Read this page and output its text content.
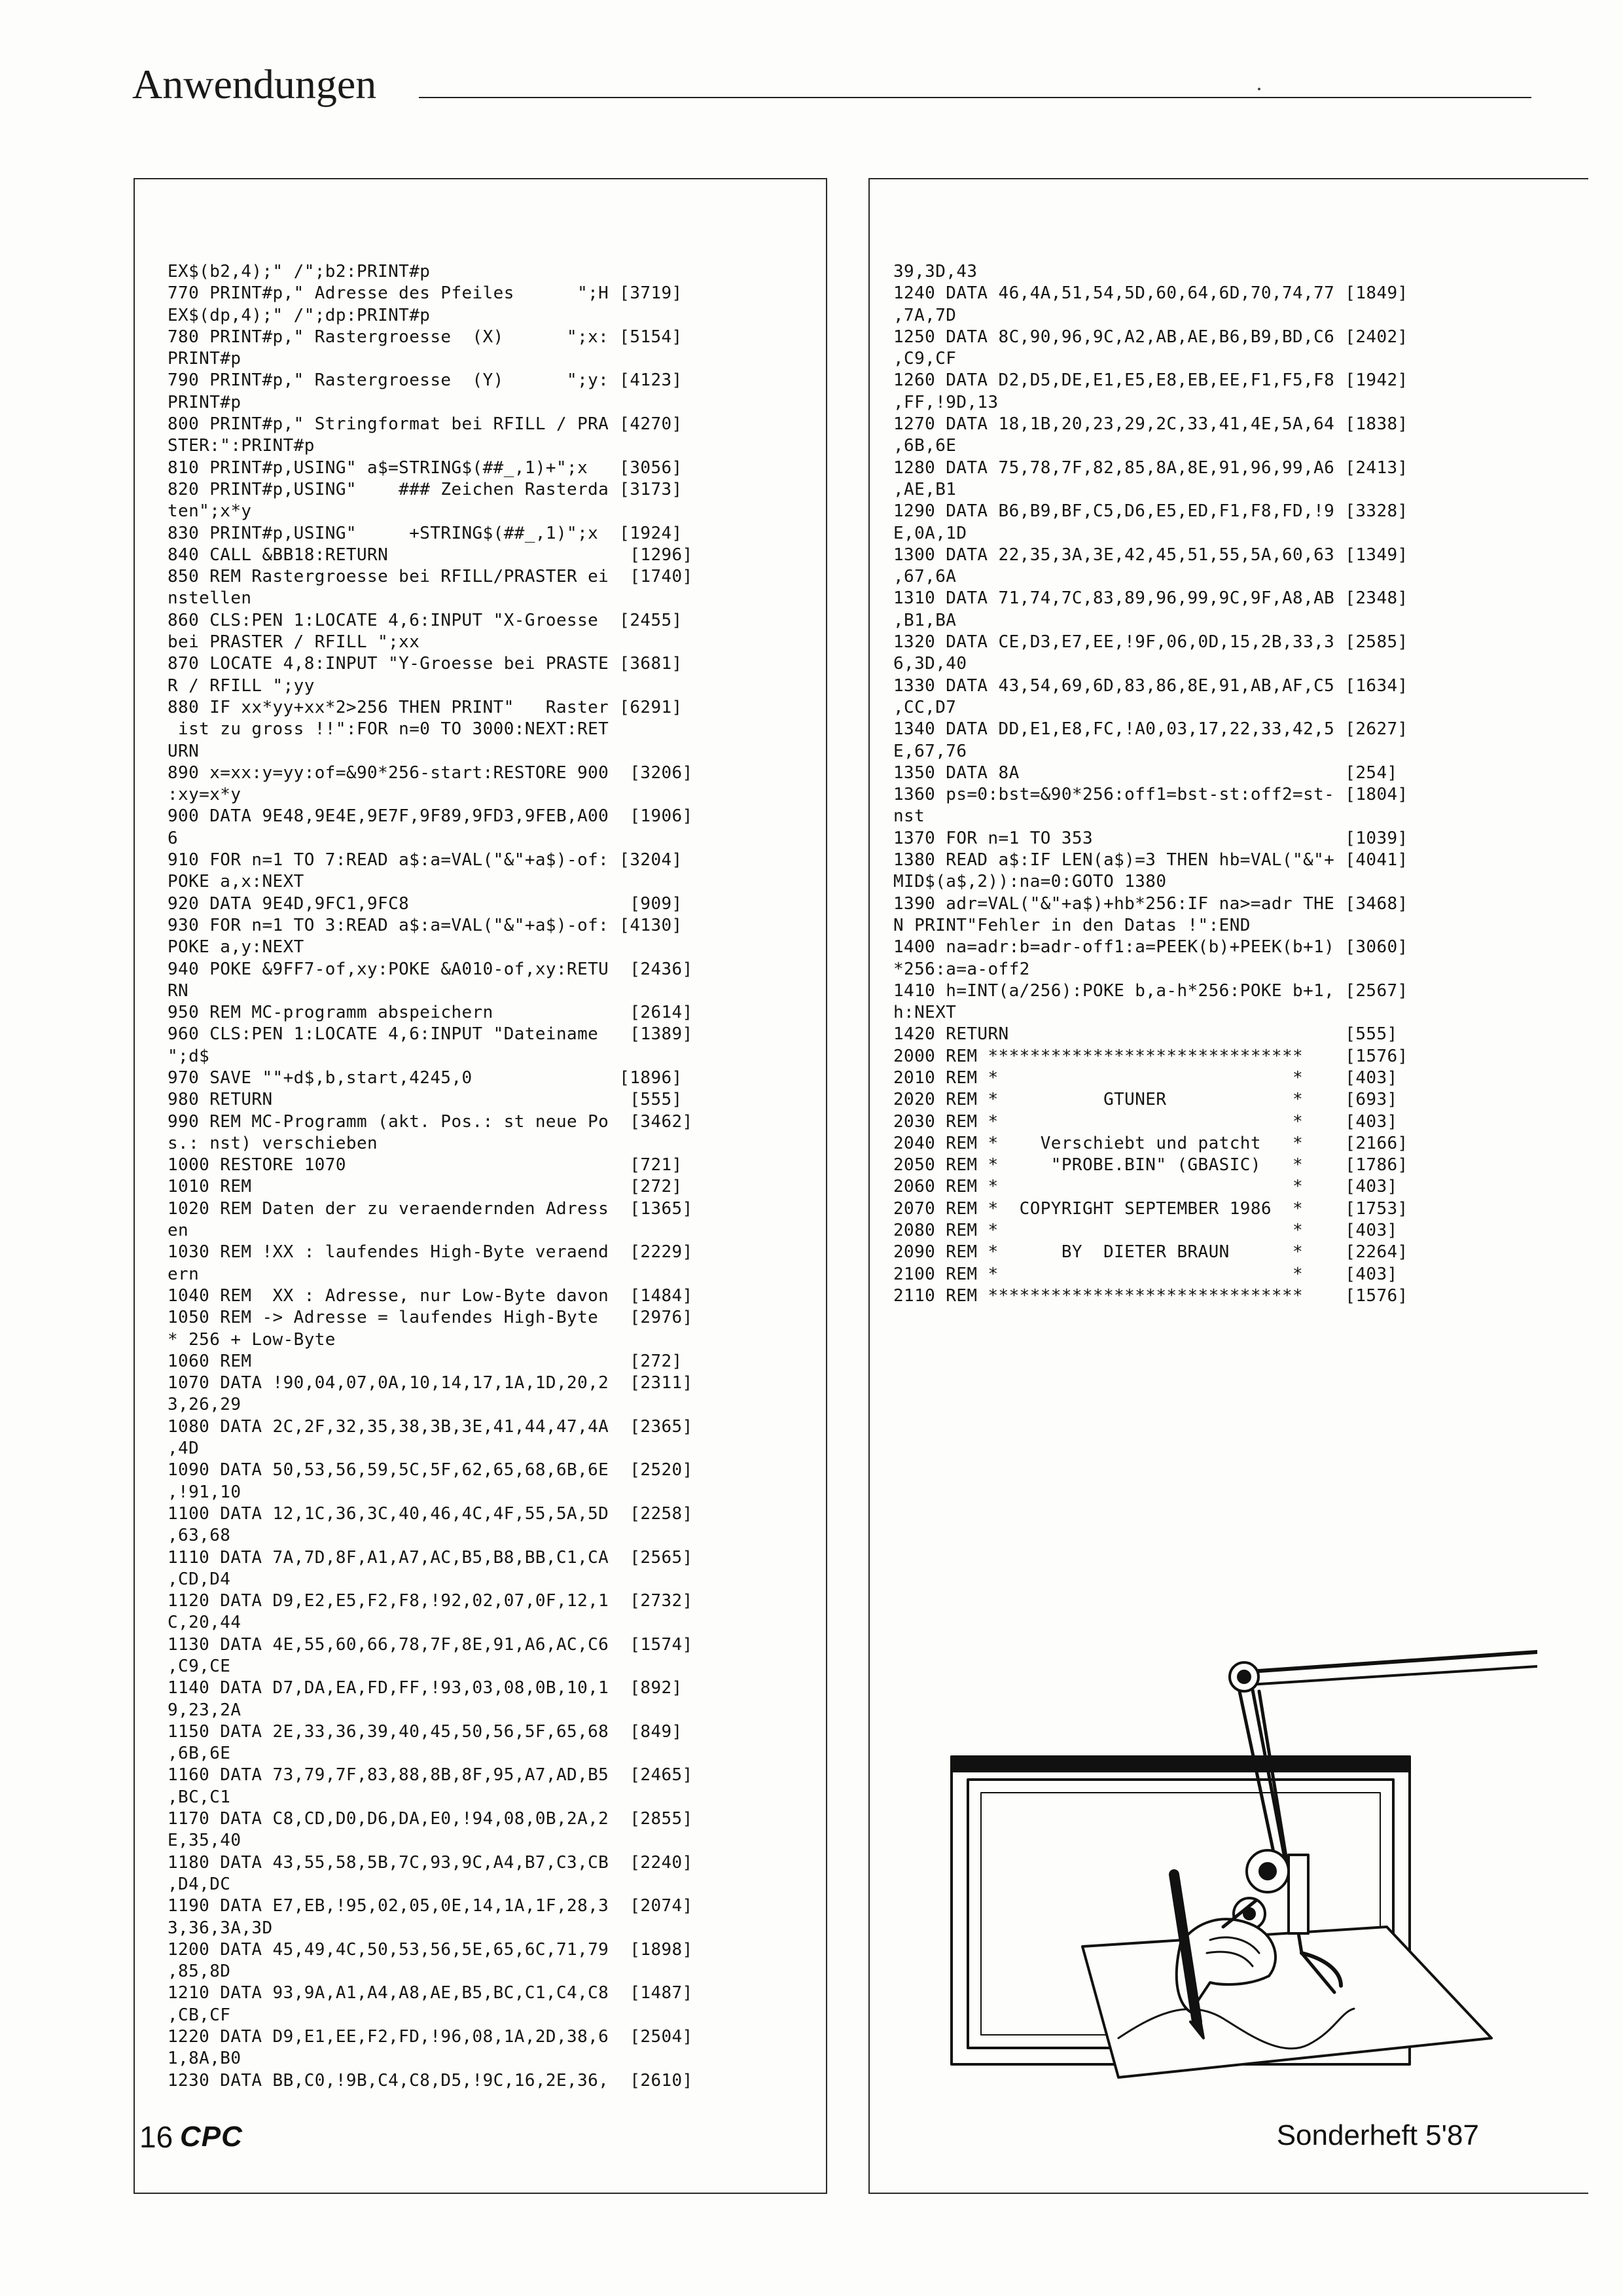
Anwendungen
EX$(b2,4);" /";b2:PRINT#p
770 PRINT#p," Adresse des Pfeiles      ";H [3719]
EX$(dp,4);" /";dp:PRINT#p
780 PRINT#p," Rastergroesse  (X)      ";x: [5154]
PRINT#p
790 PRINT#p," Rastergroesse  (Y)      ";y: [4123]
PRINT#p
800 PRINT#p," Stringformat bei RFILL / PRA [4270]
STER:":PRINT#p
810 PRINT#p,USING" a$=STRING$(##_,1)+";x   [3056]
820 PRINT#p,USING"    ### Zeichen Rasterda [3173]
ten";x*y
830 PRINT#p,USING"     +STRING$(##_,1)";x  [1924]
840 CALL &BB18:RETURN                       [1296]
850 REM Rastergroesse bei RFILL/PRASTER ei  [1740]
nstellen
860 CLS:PEN 1:LOCATE 4,6:INPUT "X-Groesse  [2455]
bei PRASTER / RFILL ";xx
870 LOCATE 4,8:INPUT "Y-Groesse bei PRASTE [3681]
R / RFILL ";yy
880 IF xx*yy+xx*2>256 THEN PRINT"   Raster [6291]
ist zu gross !!":FOR n=0 TO 3000:NEXT:RET
URN
890 x=xx:y=yy:of=&90*256-start:RESTORE 900  [3206]
:xy=x*y
900 DATA 9E48,9E4E,9E7F,9F89,9FD3,9FEB,A00  [1906]
6
910 FOR n=1 TO 7:READ a$:a=VAL("&"+a$)-of: [3204]
POKE a,x:NEXT
920 DATA 9E4D,9FC1,9FC8                     [909]
930 FOR n=1 TO 3:READ a$:a=VAL("&"+a$)-of: [4130]
POKE a,y:NEXT
940 POKE &9FF7-of,xy:POKE &A010-of,xy:RETU  [2436]
RN
950 REM MC-programm abspeichern             [2614]
960 CLS:PEN 1:LOCATE 4,6:INPUT "Dateiname   [1389]
";d$
970 SAVE ""+d$,b,start,4245,0              [1896]
980 RETURN                                  [555]
990 REM MC-Programm (akt. Pos.: st neue Po  [3462]
s.: nst) verschieben
1000 RESTORE 1070                           [721]
1010 REM                                    [272]
1020 REM Daten der zu veraendernden Adress  [1365]
en
1030 REM !XX : laufendes High-Byte veraend  [2229]
ern
1040 REM  XX : Adresse, nur Low-Byte davon  [1484]
1050 REM -> Adresse = laufendes High-Byte   [2976]
* 256 + Low-Byte
1060 REM                                    [272]
1070 DATA !90,04,07,0A,10,14,17,1A,1D,20,2  [2311]
3,26,29
1080 DATA 2C,2F,32,35,38,3B,3E,41,44,47,4A  [2365]
,4D
1090 DATA 50,53,56,59,5C,5F,62,65,68,6B,6E  [2520]
,!91,10
1100 DATA 12,1C,36,3C,40,46,4C,4F,55,5A,5D  [2258]
,63,68
1110 DATA 7A,7D,8F,A1,A7,AC,B5,B8,BB,C1,CA  [2565]
,CD,D4
1120 DATA D9,E2,E5,F2,F8,!92,02,07,0F,12,1  [2732]
C,20,44
1130 DATA 4E,55,60,66,78,7F,8E,91,A6,AC,C6  [1574]
,C9,CE
1140 DATA D7,DA,EA,FD,FF,!93,03,08,0B,10,1  [892]
9,23,2A
1150 DATA 2E,33,36,39,40,45,50,56,5F,65,68  [849]
,6B,6E
1160 DATA 73,79,7F,83,88,8B,8F,95,A7,AD,B5  [2465]
,BC,C1
1170 DATA C8,CD,D0,D6,DA,E0,!94,08,0B,2A,2  [2855]
E,35,40
1180 DATA 43,55,58,5B,7C,93,9C,A4,B7,C3,CB  [2240]
,D4,DC
1190 DATA E7,EB,!95,02,05,0E,14,1A,1F,28,3  [2074]
3,36,3A,3D
1200 DATA 45,49,4C,50,53,56,5E,65,6C,71,79  [1898]
,85,8D
1210 DATA 93,9A,A1,A4,A8,AE,B5,BC,C1,C4,C8  [1487]
,CB,CF
1220 DATA D9,E1,EE,F2,FD,!96,08,1A,2D,38,6  [2504]
1,8A,B0
1230 DATA BB,C0,!9B,C4,C8,D5,!9C,16,2E,36,  [2610]

39,3D,43
1240 DATA 46,4A,51,54,5D,60,64,6D,70,74,77 [1849]
,7A,7D
1250 DATA 8C,90,96,9C,A2,AB,AE,B6,B9,BD,C6 [2402]
,C9,CF
1260 DATA D2,D5,DE,E1,E5,E8,EB,EE,F1,F5,F8 [1942]
,FF,!9D,13
1270 DATA 18,1B,20,23,29,2C,33,41,4E,5A,64 [1838]
,6B,6E
1280 DATA 75,78,7F,82,85,8A,8E,91,96,99,A6 [2413]
,AE,B1
1290 DATA B6,B9,BF,C5,D6,E5,ED,F1,F8,FD,!9 [3328]
E,0A,1D
1300 DATA 22,35,3A,3E,42,45,51,55,5A,60,63 [1349]
,67,6A
1310 DATA 71,74,7C,83,89,96,99,9C,9F,A8,AB [2348]
,B1,BA
1320 DATA CE,D3,E7,EE,!9F,06,0D,15,2B,33,3 [2585]
6,3D,40
1330 DATA 43,54,69,6D,83,86,8E,91,AB,AF,C5 [1634]
,CC,D7
1340 DATA DD,E1,E8,FC,!A0,03,17,22,33,42,5 [2627]
E,67,76
1350 DATA 8A                               [254]
1360 ps=0:bst=&90*256:off1=bst-st:off2=st- [1804]
nst
1370 FOR n=1 TO 353                        [1039]
1380 READ a$:IF LEN(a$)=3 THEN hb=VAL("&"+ [4041]
MID$(a$,2)):na=0:GOTO 1380
1390 adr=VAL("&"+a$)+hb*256:IF na>=adr THE [3468]
N PRINT"Fehler in den Datas !":END
1400 na=adr:b=adr-off1:a=PEEK(b)+PEEK(b+1) [3060]
*256:a=a-off2
1410 h=INT(a/256):POKE b,a-h*256:POKE b+1, [2567]
h:NEXT
1420 RETURN                                [555]
2000 REM ******************************    [1576]
2010 REM *                            *    [403]
2020 REM *          GTUNER            *    [693]
2030 REM *                            *    [403]
2040 REM *    Verschiebt und patcht   *    [2166]
2050 REM *     "PROBE.BIN" (GBASIC)   *    [1786]
2060 REM *                            *    [403]
2070 REM *  COPYRIGHT SEPTEMBER 1986  *    [1753]
2080 REM *                            *    [403]
2090 REM *      BY  DIETER BRAUN      *    [2264]
2100 REM *                            *    [403]
2110 REM ******************************    [1576]

16 CPC	Sonderheft 5'87
